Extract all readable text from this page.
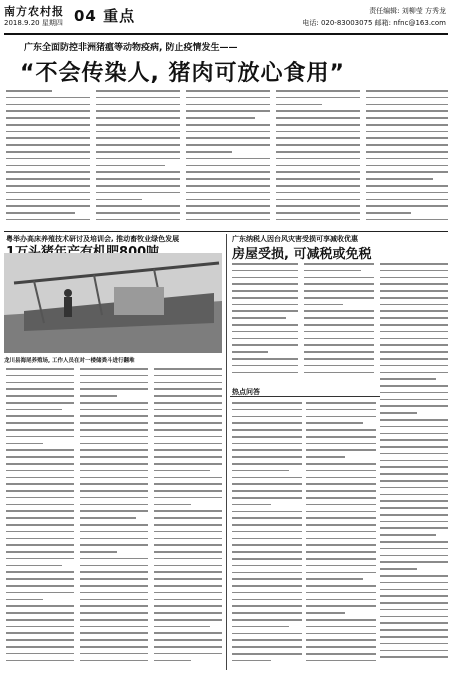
南方农村报
2018.9.20 星期四 04 重点	责任编辑: 刘柳莹 方秀龙
电话: 020-83003075 邮箱: nfnc@163.com
广东全面防控非洲猪瘟等动物疫病, 防止疫情发生——
“不会传染人, 猪肉可放心食用”
粤举办高床养殖技术研讨及培训会, 推动畜牧业绿色发展
龙川县海尾养殖场, 工作人员在对一楼储粪斗进行翻堆
广东纳税人因台风灾害受损可享减收优惠
房屋受损, 可减税或免税
热点问答
